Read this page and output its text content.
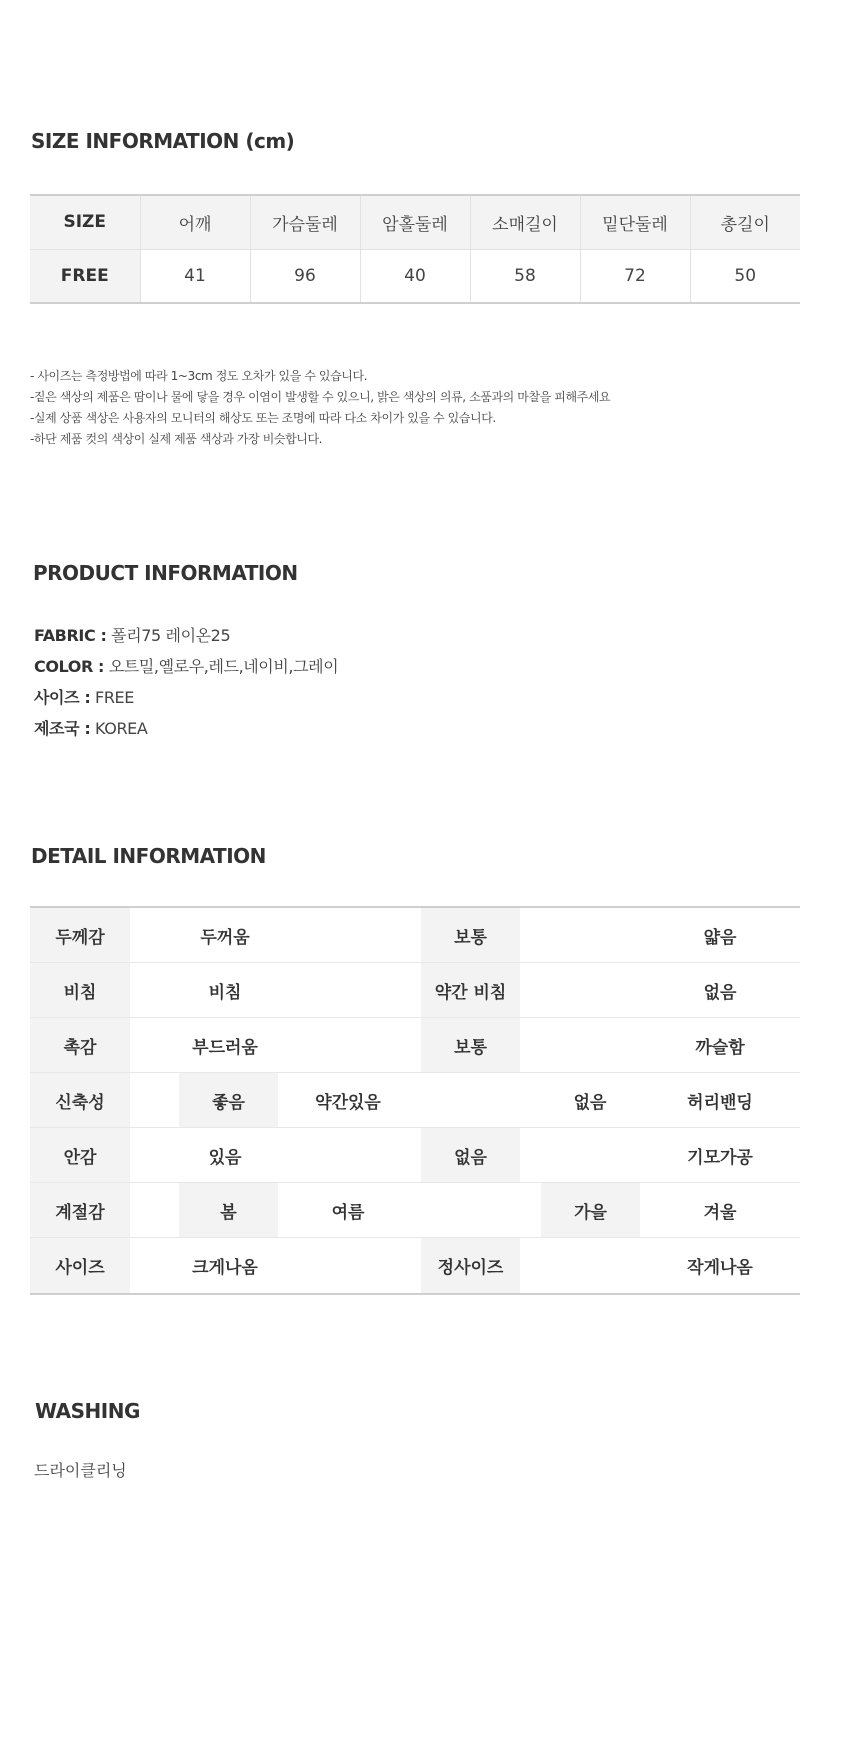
SIZE INFORMATION (cm)
SIZE	어깨	가슴둘레	암홀둘레	소매길이	밑단둘레	총길이
FREE	41	96	40	58	72	50
- 사이즈는 측정방법에 따라 1~3cm 정도 오차가 있을 수 있습니다.
-짙은 색상의 제품은 땀이나 물에 닿을 경우 이염이 발생할 수 있으니, 밝은 색상의 의류, 소품과의 마찰을 피해주세요
-실제 상품 색상은 사용자의 모니터의 해상도 또는 조명에 따라 다소 차이가 있을 수 있습니다.
-하단 제품 컷의 색상이 실제 제품 색상과 가장 비슷합니다.
PRODUCT INFORMATION
FABRIC : 폴리75 레이온25
COLOR : 오트밀,옐로우,레드,네이비,그레이
사이즈 : FREE
제조국 : KOREA
DETAIL INFORMATION
두께감	두꺼움	보통	얇음
비침	비침	약간 비침	없음
촉감	부드러움	보통	까슬함
신축성	좋음	약간있음	없음	허리밴딩
안감	있음	없음	기모가공
계절감	봄	여름	가을	겨울
사이즈	크게나옴	정사이즈	작게나옴
WASHING
드라이클리닝
